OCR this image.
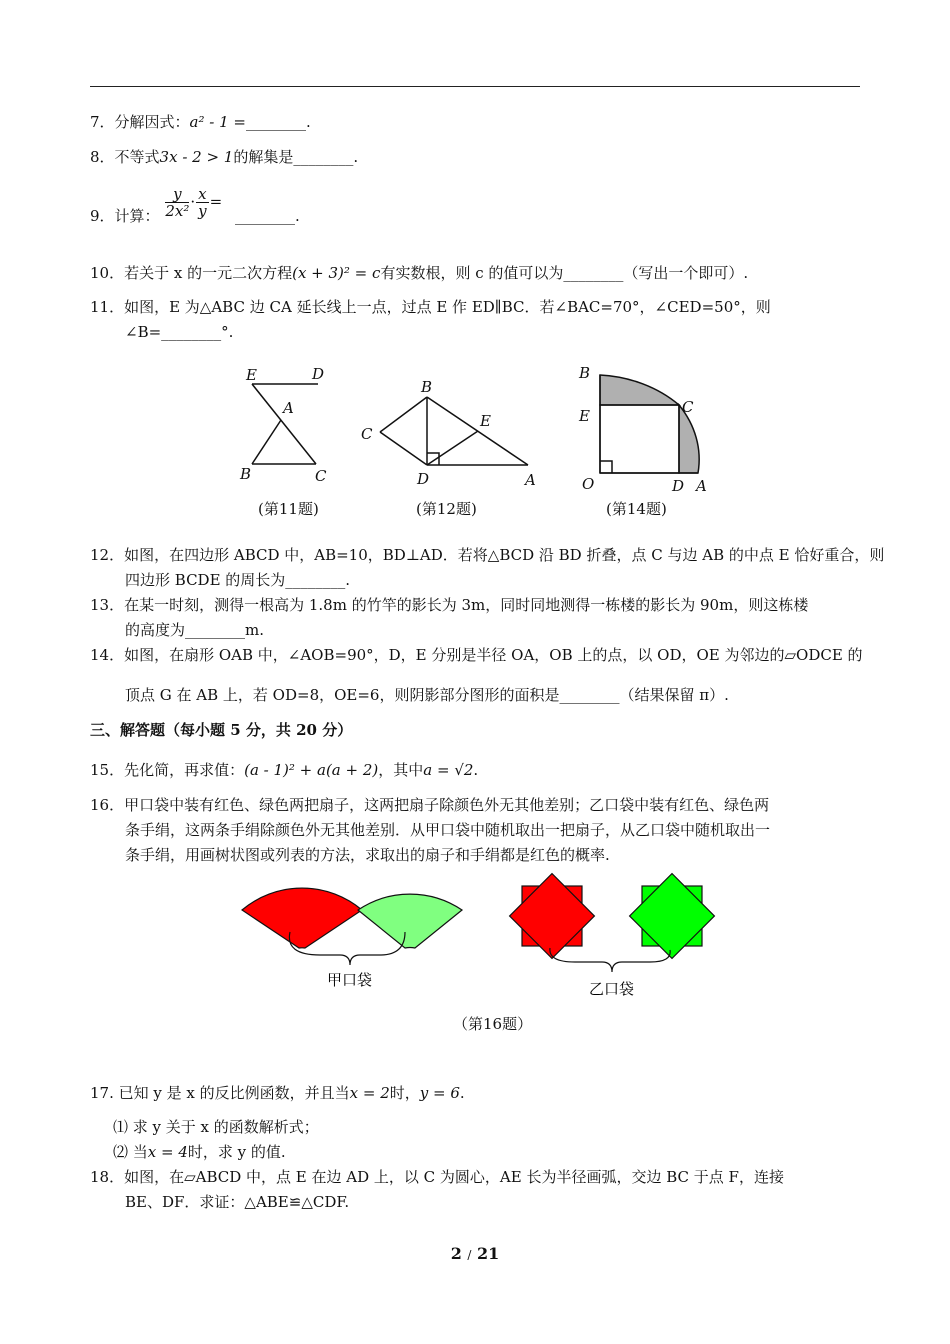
7．分解因式：a² - 1 =________.
8．不等式3x - 2 > 1的解集是________.
9．计算： $\frac{y}{\text{2x²}} \cdot \frac{x}{y}$ = ________.
10．若关于 x 的一元二次方程(x + 3)² = c有实数根，则 c 的值可以为________（写出一个即可）.
11．如图，E 为△ABC 边 CA 延长线上一点，过点 E 作 ED∥BC．若∠BAC=70°，∠CED=50°，则
∠B=________°.
E	D
A
B	C
(第11题)
B
C
E
D	A
(第12题)
B
E	C
O	D A
(第14题)
12．如图，在四边形 ABCD 中，AB=10，BD⊥AD．若将△BCD 沿 BD 折叠，点 C 与边 AB 的中点 E 恰好重合，则
四边形 BCDE 的周长为________.
13．在某一时刻，测得一根高为 1.8m 的竹竿的影长为 3m，同时同地测得一栋楼的影长为 90m，则这栋楼
的高度为________m.
14．如图，在扇形 OAB 中，∠AOB=90°，D，E 分别是半径 OA，OB 上的点，以 OD，OE 为邻边的▱ODCE 的
顶点 G 在 AB 上，若 OD=8，OE=6，则阴影部分图形的面积是________（结果保留 π）.
三、解答题（每小题 5 分，共 20 分）
15．先化简，再求值：(a - 1)² + a(a + 2)，其中a = √2.
16．甲口袋中装有红色、绿色两把扇子，这两把扇子除颜色外无其他差别；乙口袋中装有红色、绿色两
条手绢，这两条手绢除颜色外无其他差别．从甲口袋中随机取出一把扇子，从乙口袋中随机取出一
条手绢，用画树状图或列表的方法，求取出的扇子和手绢都是红色的概率.
甲口袋	乙口袋
（第16题）
17. 已知 y 是 x 的反比例函数，并且当x = 2时，y = 6.
⑴ 求 y 关于 x 的函数解析式；
⑵ 当x = 4时，求 y 的值.
18．如图，在▱ABCD 中，点 E 在边 AD 上，以 C 为圆心，AE 长为半径画弧，交边 BC 于点 F，连接
BE、DF．求证：△ABE≌△CDF.
2 / 21
